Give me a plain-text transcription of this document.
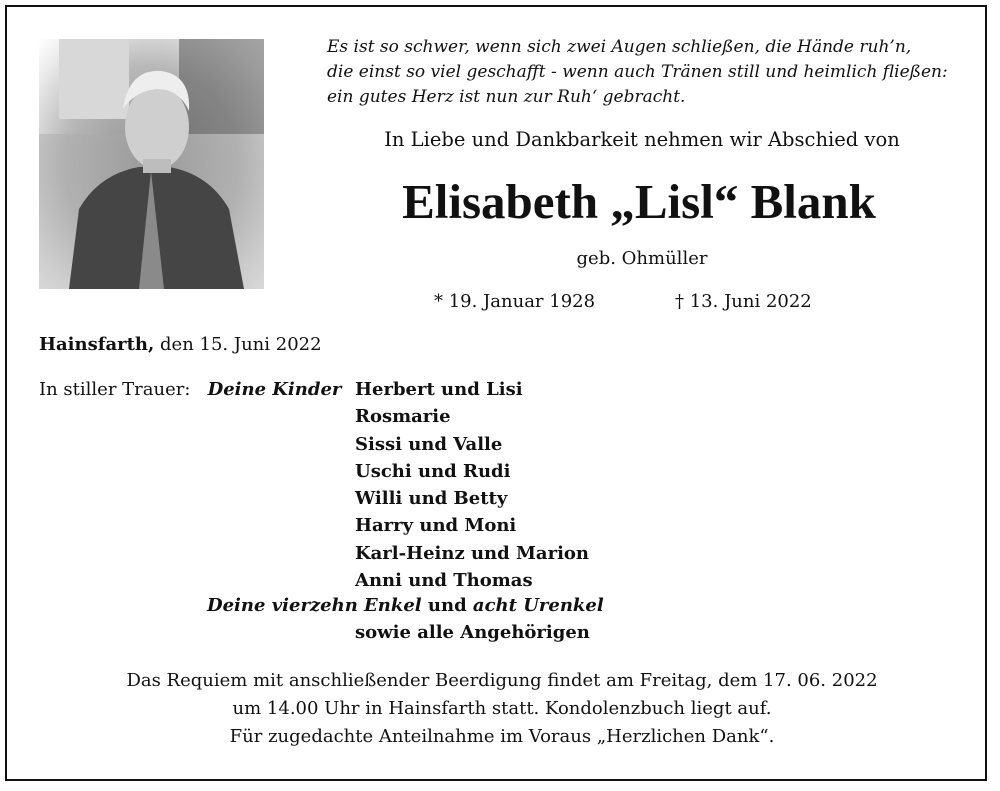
Es ist so schwer, wenn sich zwei Augen schließen, die Hände ruh’n,
die einst so viel geschafft - wenn auch Tränen still und heimlich fließen:
ein gutes Herz ist nun zur Ruh‘ gebracht.
In Liebe und Dankbarkeit nehmen wir Abschied von
Elisabeth „Lisl“ Blank
geb. Ohmüller
* 19. Januar 1928	† 13. Juni 2022
Hainsfarth, den 15. Juni 2022
In stiller Trauer: Deine Kinder Herbert und Lisi
Rosmarie
Sissi und Valle
Uschi und Rudi
Willi und Betty
Harry und Moni
Karl-Heinz und Marion
Anni und Thomas
Deine vierzehn Enkel und acht Urenkel
sowie alle Angehörigen
Das Requiem mit anschließender Beerdigung findet am Freitag, dem 17. 06. 2022
um 14.00 Uhr in Hainsfarth statt. Kondolenzbuch liegt auf.
Für zugedachte Anteilnahme im Voraus „Herzlichen Dank“.
